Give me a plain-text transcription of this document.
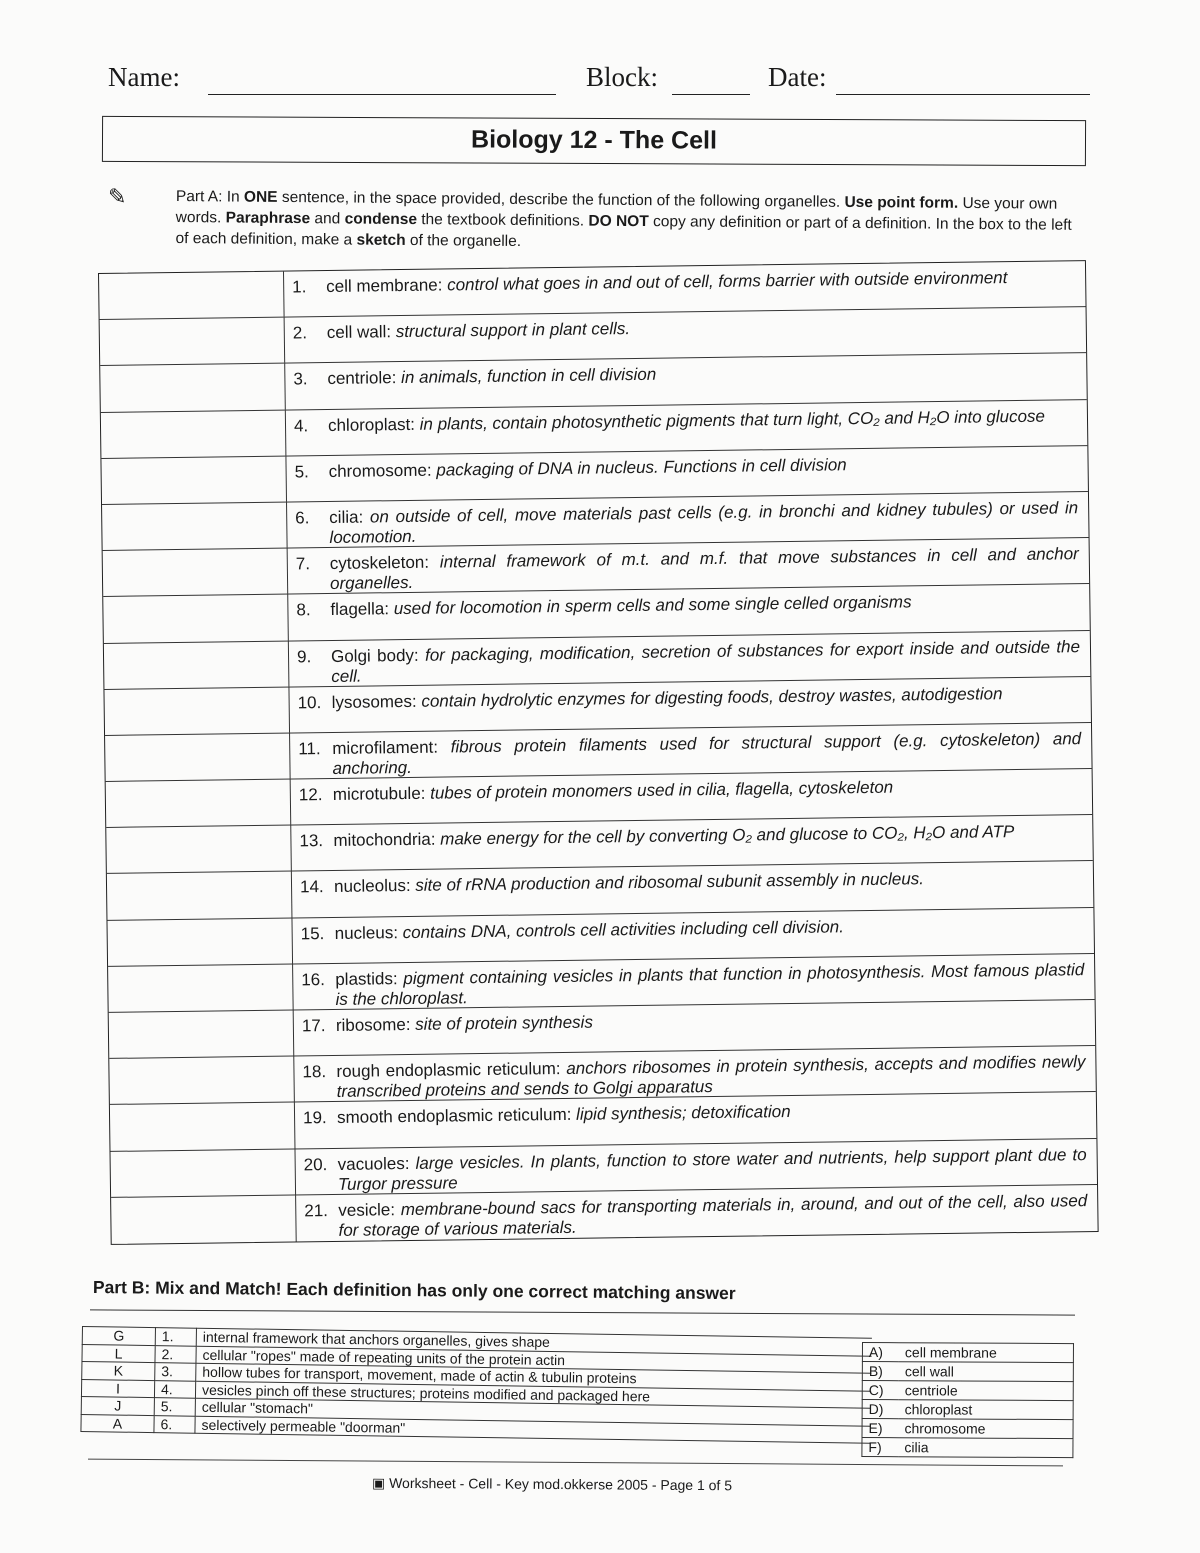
Name:	Block:	Date:
Biology 12 - The Cell
✎	Part A: In ONE sentence, in the space provided, describe the function of the following organelles. Use point form. Use your own words. Paraphrase and condense the textbook definitions. DO NOT copy any definition or part of a definition. In the box to the left of each definition, make a sketch of the organelle.
1.	cell membrane: control what goes in and out of cell, forms barrier with outside environment
2.	cell wall: structural support in plant cells.
3.	centriole: in animals, function in cell division
4.	chloroplast: in plants, contain photosynthetic pigments that turn light, CO₂ and H₂O into glucose
5.	chromosome: packaging of DNA in nucleus. Functions in cell division
6.	cilia: on outside of cell, move materials past cells (e.g. in bronchi and kidney tubules) or used in locomotion.
7.	cytoskeleton: internal framework of m.t. and m.f. that move substances in cell and anchor organelles.
8.	flagella: used for locomotion in sperm cells and some single celled organisms
9.	Golgi body: for packaging, modification, secretion of substances for export inside and outside the cell.
10. lysosomes: contain hydrolytic enzymes for digesting foods, destroy wastes, autodigestion
11. microfilament: fibrous protein filaments used for structural support (e.g. cytoskeleton) and anchoring.
12. microtubule: tubes of protein monomers used in cilia, flagella, cytoskeleton
13. mitochondria: make energy for the cell by converting O₂ and glucose to CO₂, H₂O and ATP
14. nucleolus: site of rRNA production and ribosomal subunit assembly in nucleus.
15. nucleus: contains DNA, controls cell activities including cell division.
16. plastids: pigment containing vesicles in plants that function in photosynthesis. Most famous plastid is the chloroplast.
17. ribosome: site of protein synthesis
18. rough endoplasmic reticulum: anchors ribosomes in protein synthesis, accepts and modifies newly transcribed proteins and sends to Golgi apparatus
19. smooth endoplasmic reticulum: lipid synthesis; detoxification
20. vacuoles: large vesicles. In plants, function to store water and nutrients, help support plant due to Turgor pressure
21. vesicle: membrane-bound sacs for transporting materials in, around, and out of the cell, also used for storage of various materials.
Part B: Mix and Match! Each definition has only one correct matching answer
G	1.	internal framework that anchors organelles, gives shape
L	2.	cellular "ropes" made of repeating units of the protein actin
K	3.	hollow tubes for transport, movement, made of actin & tubulin proteins
I	4.	vesicles pinch off these structures; proteins modified and packaged here
J	5.	cellular "stomach"
A	6.	selectively permeable "doorman"
A)	cell membrane
B)	cell wall
C)	centriole
D)	chloroplast
E)	chromosome
F)	cilia
▣ Worksheet - Cell - Key mod.okkerse 2005 - Page 1 of 5
